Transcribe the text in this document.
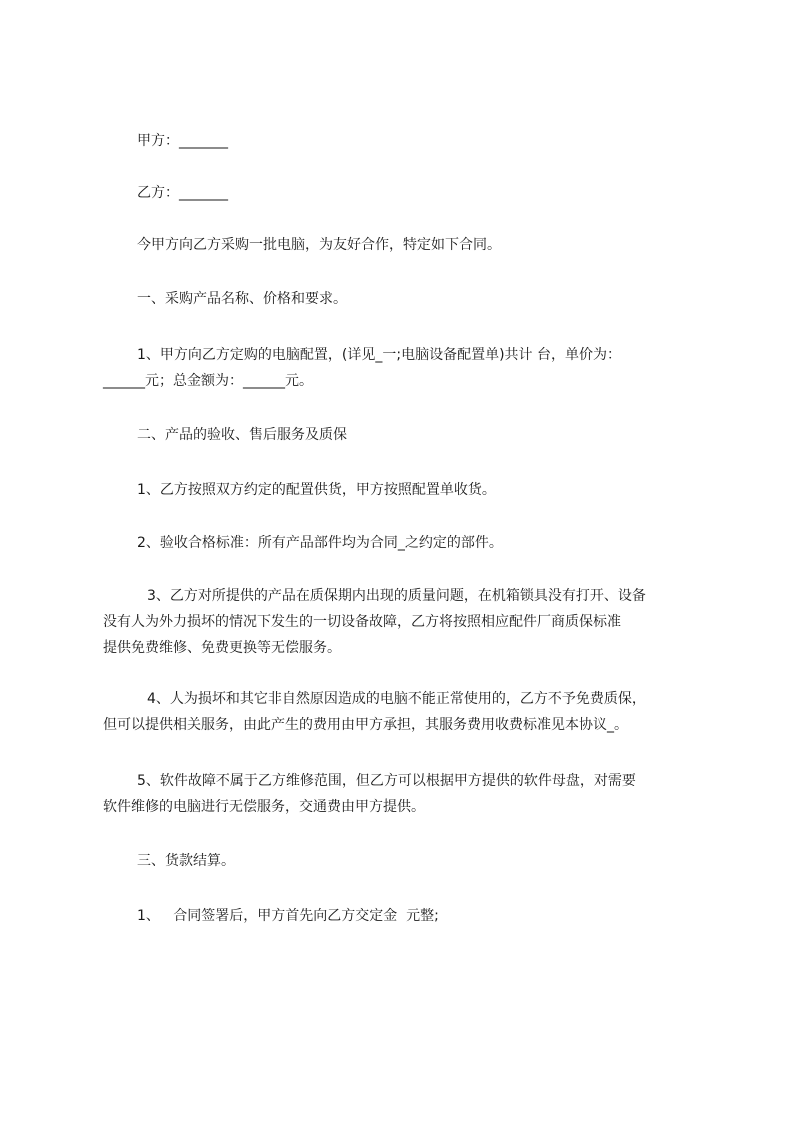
甲方：_______

乙方：_______

今甲方向乙方采购一批电脑，为友好合作，特定如下合同。

一、采购产品名称、价格和要求。

1、甲方向乙方定购的电脑配置，(详见_一;电脑设备配置单)共计 台，单价为：
______元；总金额为：______元。

二、产品的验收、售后服务及质保

1、乙方按照双方约定的配置供货，甲方按照配置单收货。

2、验收合格标准：所有产品部件均为合同_之约定的部件。

3、乙方对所提供的产品在质保期内出现的质量问题，在机箱锁具没有打开、设备
没有人为外力损坏的情况下发生的一切设备故障，乙方将按照相应配件厂商质保标准
提供免费维修、免费更换等无偿服务。

4、人为损坏和其它非自然原因造成的电脑不能正常使用的，乙方不予免费质保，
但可以提供相关服务，由此产生的费用由甲方承担，其服务费用收费标准见本协议_。

5、软件故障不属于乙方维修范围，但乙方可以根据甲方提供的软件母盘，对需要
软件维修的电脑进行无偿服务，交通费由甲方提供。

三、货款结算。

1、   合同签署后，甲方首先向乙方交定金  元整;
